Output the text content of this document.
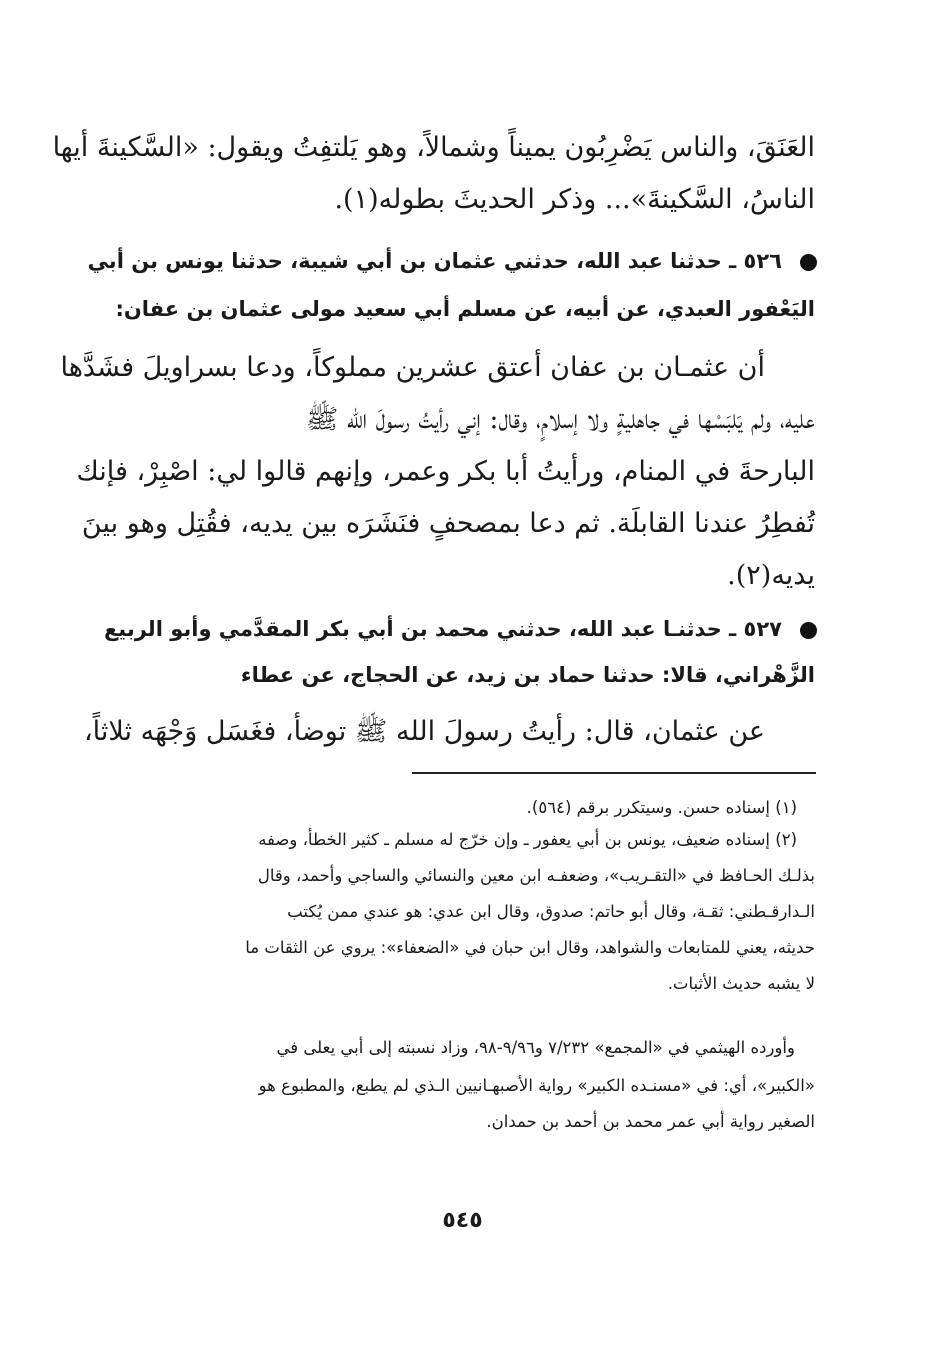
العَنَقَ، والناس يَضْرِبُون يميناً وشمالاً، وهو يَلتفِتُ ويقول: «السَّكينةَ أيها
الناسُ، السَّكينةَ»... وذكر الحديثَ بطوله(١).
٥٢٦ ـ حدثنا عبد الله، حدثني عثمان بن أبي شيبة، حدثنا يونس بن أبي
اليَعْفور العبدي، عن أبيه، عن مسلم أبي سعيد مولى عثمان بن عفان:
أن عثمـان بن عفان أعتق عشرين مملوكاً، ودعا بسراويلَ فشَدَّها
عليه، ولم يَلبَسْها في جاهليةٍ ولا إسلامٍ، وقال: إني رأيتُ رسولَ الله ﷺ
البارحةَ في المنام، ورأيتُ أبا بكر وعمر، وإنهم قالوا لي: اصْبِرْ، فإنك
تُفطِرُ عندنا القابلَة. ثم دعا بمصحفٍ فنَشَرَه بين يديه، فقُتِل وهو بينَ
يديه(٢).
٥٢٧ ـ حدثنـا عبد الله، حدثني محمد بن أبي بكر المقدَّمي وأبو الربيع
الزَّهْراني، قالا: حدثنا حماد بن زيد، عن الحجاج، عن عطاء
عن عثمان، قال: رأيتُ رسولَ الله ﷺ توضأ، فغَسَل وَجْهَه ثلاثاً،
(١) إسناده حسن. وسيتكرر برقم (٥٦٤).
(٢) إسناده ضعيف، يونس بن أبي يعفور ـ وإن خرّج له مسلم ـ كثير الخطأ، وصفه
بذلـك الحـافظ في «التقـريب»، وضعفـه ابن معين والنسائي والساجي وأحمد، وقال
الـدارقـطني: ثقـة، وقال أبو حاتم: صدوق، وقال ابن عدي: هو عندي ممن يُكتب
حديثه، يعني للمتابعات والشواهد، وقال ابن حبان في «الضعفاء»: يروي عن الثقات ما
لا يشبه حديث الأثبات.
وأورده الهيثمي في «المجمع» ٧/٢٣٢ و٩/٩٦-٩٨، وزاد نسبته إلى أبي يعلى في
«الكبير»، أي: في «مسنـده الكبير» رواية الأصبهـانيين الـذي لم يطبع، والمطبوع هو
الصغير رواية أبي عمر محمد بن أحمد بن حمدان.
٥٤٥
